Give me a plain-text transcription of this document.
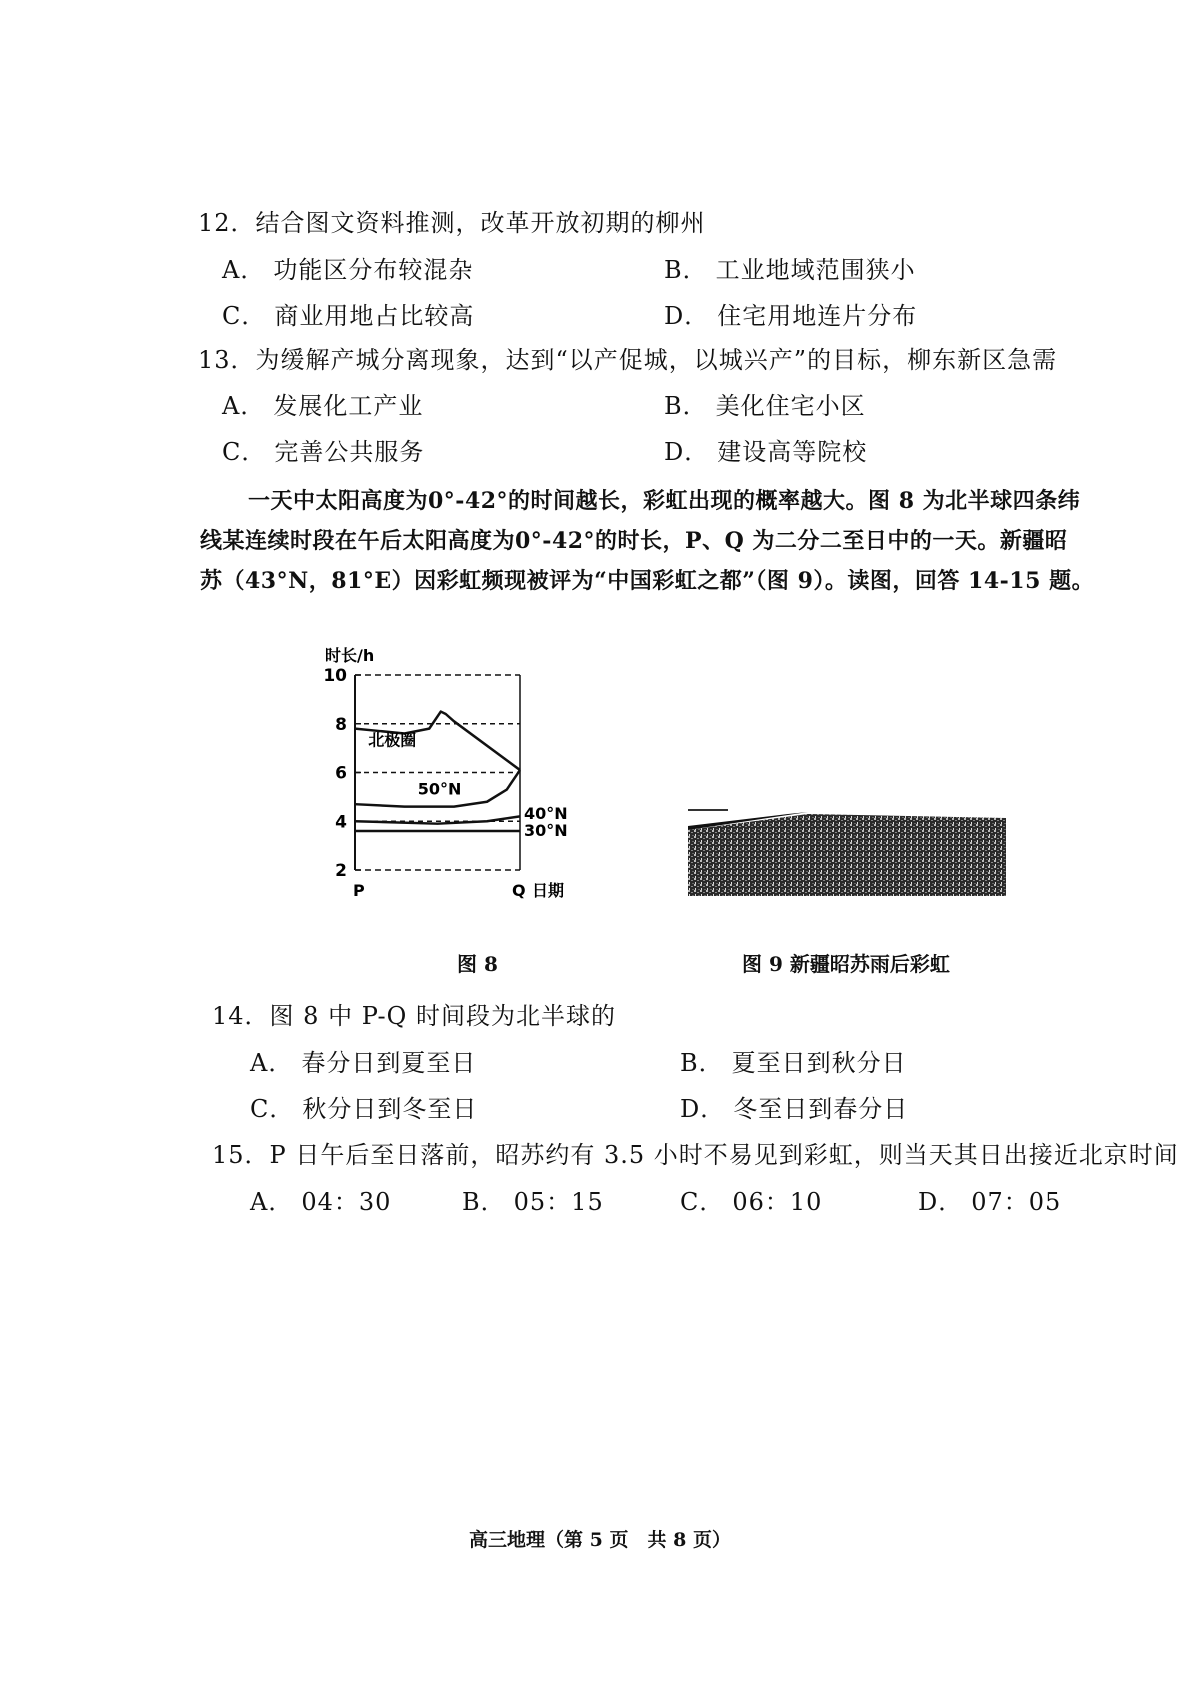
12．结合图文资料推测，改革开放初期的柳州
A． 功能区分布较混杂	B． 工业地域范围狭小
C． 商业用地占比较高	D． 住宅用地连片分布
13．为缓解产城分离现象，达到“以产促城，以城兴产”的目标，柳东新区急需
A． 发展化工产业	B． 美化住宅小区
C． 完善公共服务	D． 建设高等院校
一天中太阳高度为0°-42°的时间越长，彩虹出现的概率越大。图 8 为北半球四条纬
线某连续时段在午后太阳高度为0°-42°的时长，P、Q 为二分二至日中的一天。新疆昭
苏（43°N，81°E）因彩虹频现被评为“中国彩虹之都”（图 9）。读图，回答 14-15 题。
2
4
6
8
10
时长/h
P	Q 日期
北极圈
50°N
40°N
30°N
图 8	图 9 新疆昭苏雨后彩虹
14．图 8 中 P-Q 时间段为北半球的
A． 春分日到夏至日	B． 夏至日到秋分日
C． 秋分日到冬至日	D． 冬至日到春分日
15．P 日午后至日落前，昭苏约有 3.5 小时不易见到彩虹，则当天其日出接近北京时间
A． 04：30	B． 05：15	C． 06：10	D． 07：05
高三地理（第 5 页　共 8 页）
